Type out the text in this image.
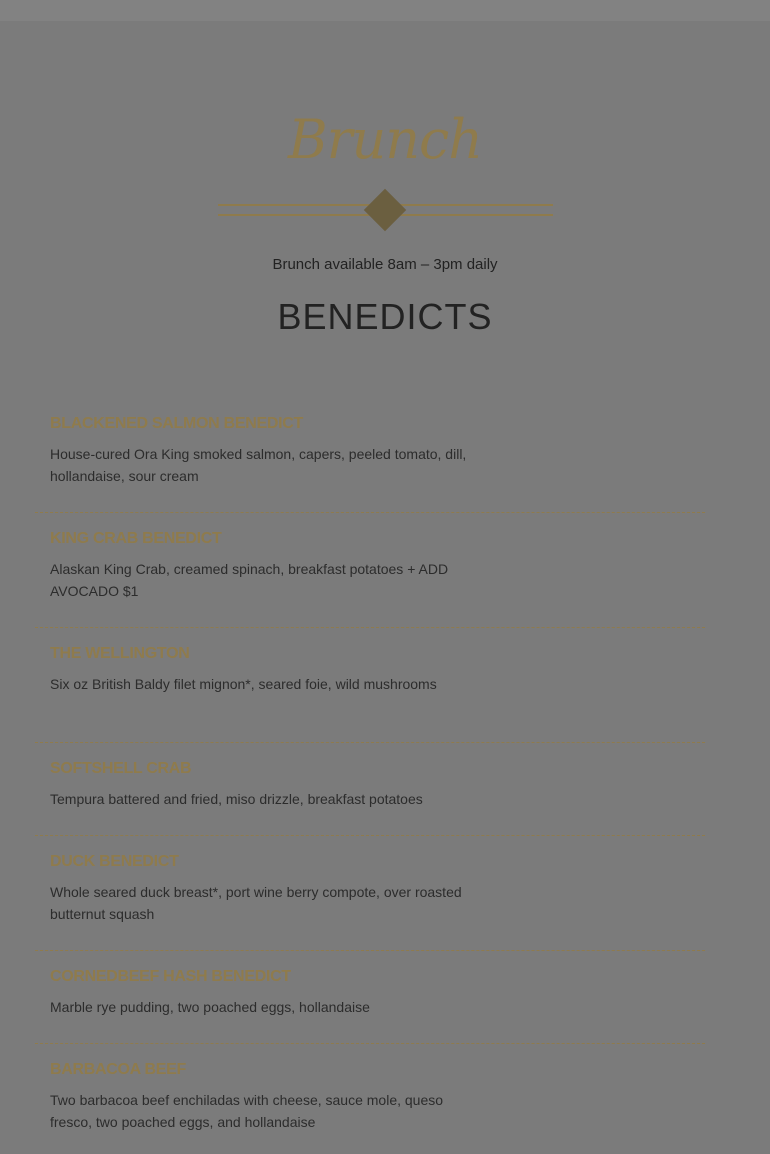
Brunch
Brunch available 8am – 3pm daily
BENEDICTS
BLACKENED SALMON BENEDICT
House-cured Ora King smoked salmon, capers, peeled tomato, dill, hollandaise, sour cream
KING CRAB BENEDICT
Alaskan King Crab, creamed spinach, breakfast potatoes + ADD AVOCADO $1
THE WELLINGTON
Six oz British Baldy filet mignon*, seared foie, wild mushrooms
SOFTSHELL CRAB
Tempura battered and fried, miso drizzle, breakfast potatoes
DUCK BENEDICT
Whole seared duck breast*, port wine berry compote, over roasted butternut squash
CORNEDBEEF HASH BENEDICT
Marble rye pudding, two poached eggs, hollandaise
BARBACOA BEEF
Two barbacoa beef enchiladas with cheese, sauce mole, queso fresco, two poached eggs, and hollandaise
